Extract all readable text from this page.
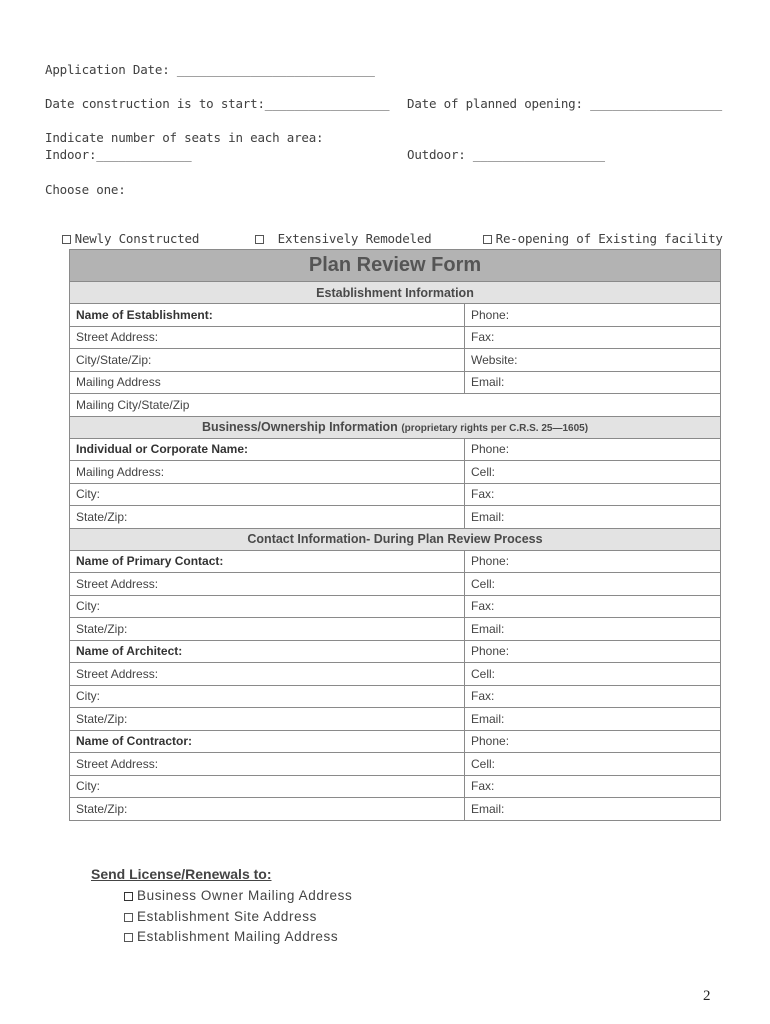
Application Date: ___________________________
Date construction is to start:_________________ Date of planned opening: __________________
Indicate number of seats in each area:
Indoor:_____________	Outdoor: __________________
Choose one:

Newly Constructed	Extensively Remodeled	Re-opening of Existing facility

Plan Review Form	
Establishment Information	
Name of Establishment:	Phone:
Street Address:	Fax:
City/State/Zip:	Website:
Mailing Address	Email:
Mailing City/State/Zip	
Business/Ownership Information (proprietary rights per C.R.S. 25—1605)	
Individual or Corporate Name:	Phone:
Mailing Address:	Cell:
City:	Fax:
State/Zip:	Email:
Contact Information- During Plan Review Process	
Name of Primary Contact:	Phone:
Street Address:	Cell:
City:	Fax:
State/Zip:	Email:
Name of Architect:	Phone:
Street Address:	Cell:
City:	Fax:
State/Zip:	Email:
Name of Contractor:	Phone:
Street Address:	Cell:
City:	Fax:
State/Zip:	Email:
Send License/Renewals to:
Business Owner Mailing Address
Establishment Site Address
Establishment Mailing Address
2
